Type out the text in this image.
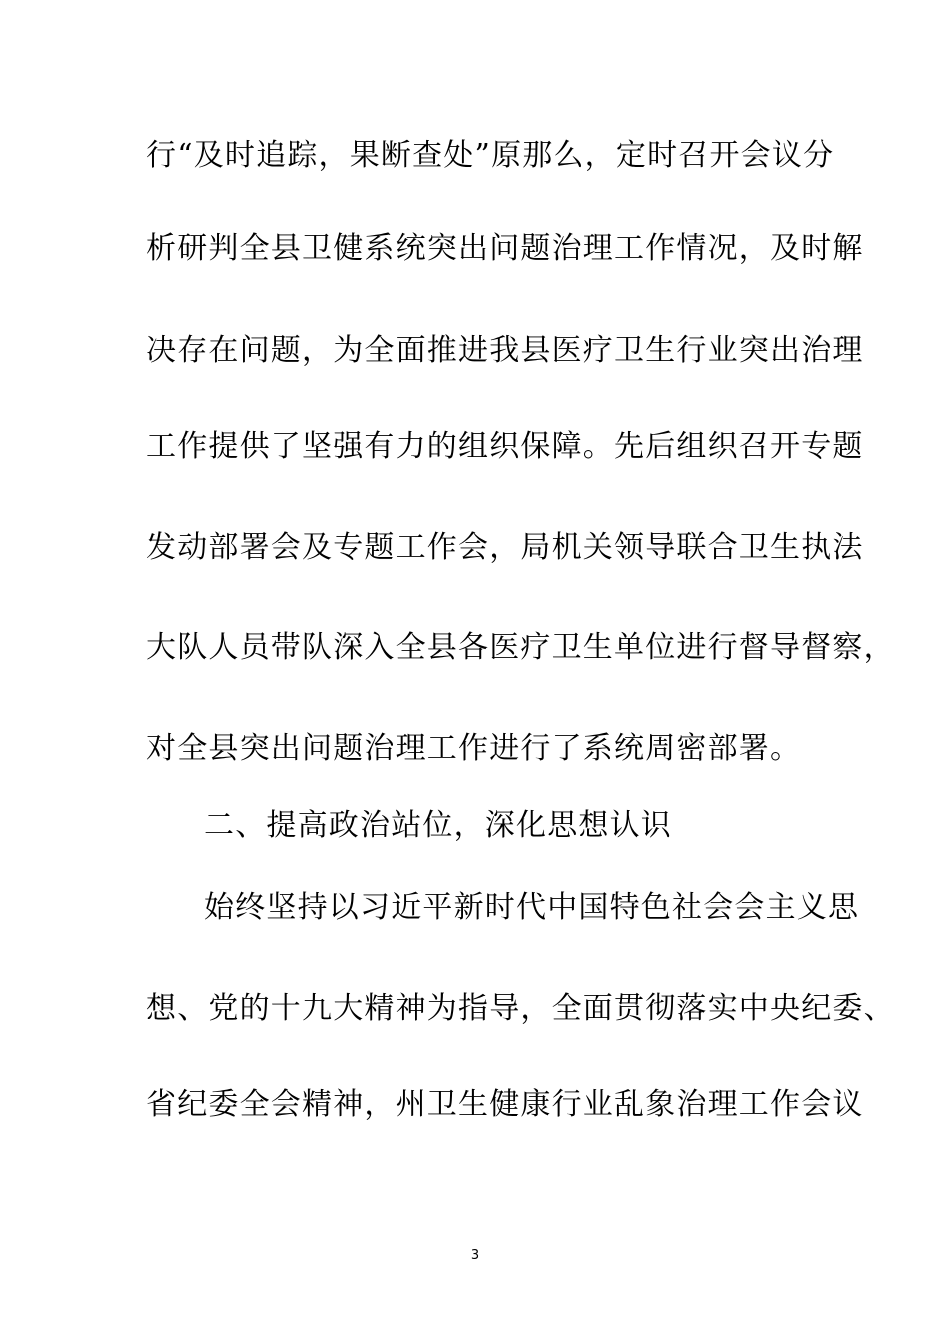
行“及时追踪，果断查处”原那么，定时召开会议分
析研判全县卫健系统突出问题治理工作情况，及时解
决存在问题，为全面推进我县医疗卫生行业突出治理
工作提供了坚强有力的组织保障。先后组织召开专题
发动部署会及专题工作会，局机关领导联合卫生执法
大队人员带队深入全县各医疗卫生单位进行督导督察，
对全县突出问题治理工作进行了系统周密部署。
二、提高政治站位，深化思想认识
始终坚持以习近平新时代中国特色社会会主义思
想、党的十九大精神为指导，全面贯彻落实中央纪委、
省纪委全会精神，州卫生健康行业乱象治理工作会议
3
